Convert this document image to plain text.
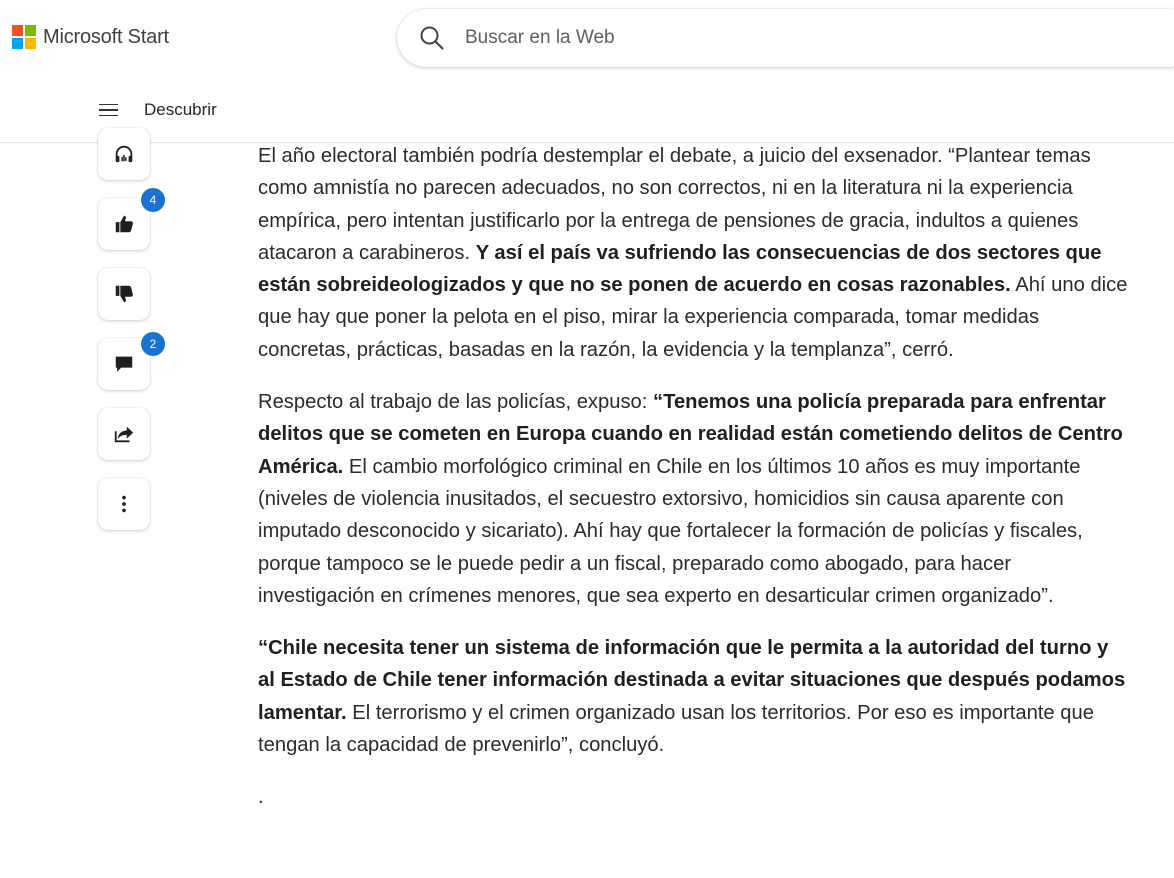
Microsoft Start
Buscar en la Web
Descubrir
4
2

El año electoral también podría destemplar el debate, a juicio del exsenador. “Plantear temas como amnistía no parecen adecuados, no son correctos, ni en la literatura ni la experiencia empírica, pero intentan justificarlo por la entrega de pensiones de gracia, indultos a quienes atacaron a carabineros. Y así el país va sufriendo las consecuencias de dos sectores que están sobreideologizados y que no se ponen de acuerdo en cosas razonables. Ahí uno dice que hay que poner la pelota en el piso, mirar la experiencia comparada, tomar medidas concretas, prácticas, basadas en la razón, la evidencia y la templanza”, cerró.

Respecto al trabajo de las policías, expuso: “Tenemos una policía preparada para enfrentar delitos que se cometen en Europa cuando en realidad están cometiendo delitos de Centro América. El cambio morfológico criminal en Chile en los últimos 10 años es muy importante (niveles de violencia inusitados, el secuestro extorsivo, homicidios sin causa aparente con imputado desconocido y sicariato). Ahí hay que fortalecer la formación de policías y fiscales, porque tampoco se le puede pedir a un fiscal, preparado como abogado, para hacer investigación en crímenes menores, que sea experto en desarticular crimen organizado”.

“Chile necesita tener un sistema de información que le permita a la autoridad del turno y al Estado de Chile tener información destinada a evitar situaciones que después podamos lamentar. El terrorismo y el crimen organizado usan los territorios. Por eso es importante que tengan la capacidad de prevenirlo”, concluyó.

.
